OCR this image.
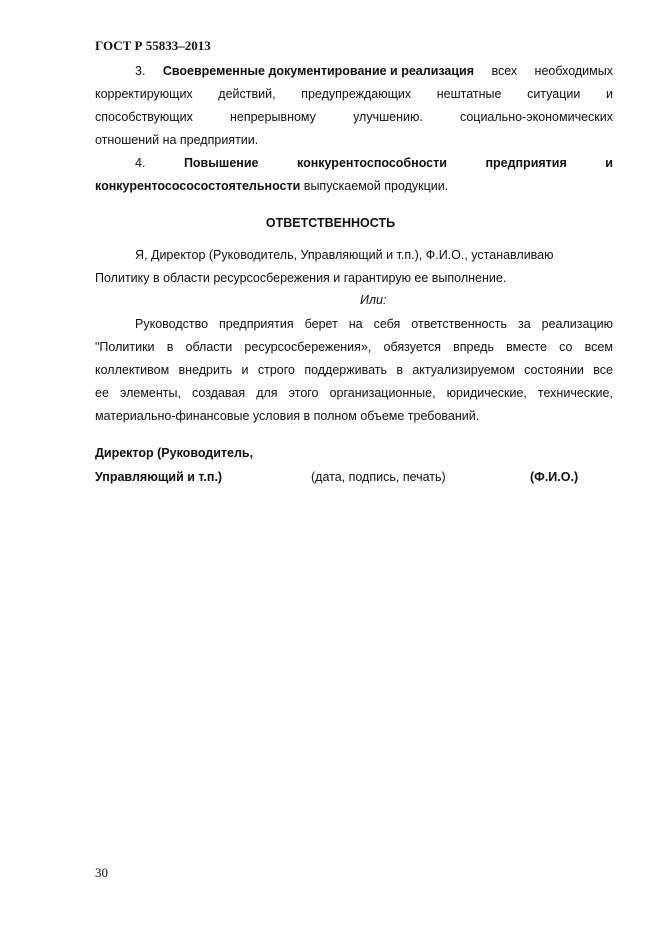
ГОСТ Р 55833–2013
3. Своевременные документирование и реализация всех необходимых
корректирующих действий, предупреждающих нештатные ситуации и
способствующих	непрерывному	улучшению.	социально-экономических
отношений на предприятии.
4.	Повышение	конкурентоспособности	предприятия	и
конкурентосососостоятельности выпускаемой продукции.
ОТВЕТСТВЕННОСТЬ
Я, Директор (Руководитель, Управляющий и т.п.), Ф.И.О., устанавливаю
Политику в области ресурсосбережения и гарантирую ее выполнение.
Или:
Руководство предприятия берет на себя ответственность за реализацию
"Политики в области ресурсосбережения», обязуется впредь вместе со всем
коллективом внедрить и строго поддерживать в актуализируемом состоянии все
ее элементы, создавая для этого организационные, юридические, технические,
материально-финансовые условия в полном объеме требований.
Директор (Руководитель,
Управляющий и т.п.)	(дата, подпись, печать)	(Ф.И.О.)
30
